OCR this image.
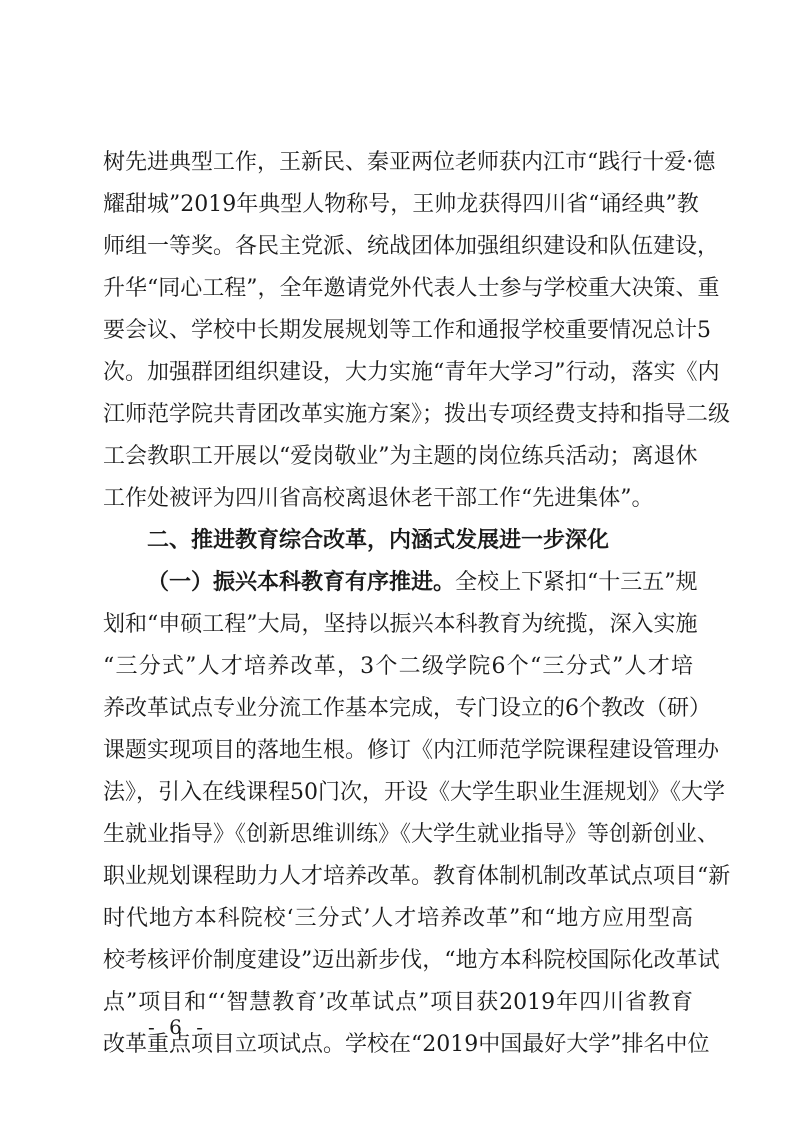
树先进典型工作，王新民、秦亚两位老师获内江市“践行十爱·德
耀甜城”2019年典型人物称号，王帅龙获得四川省“诵经典”教
师组一等奖。各民主党派、统战团体加强组织建设和队伍建设，
升华“同心工程”，全年邀请党外代表人士参与学校重大决策、重
要会议、学校中长期发展规划等工作和通报学校重要情况总计5
次。加强群团组织建设，大力实施“青年大学习”行动，落实《内
江师范学院共青团改革实施方案》；拨出专项经费支持和指导二级
工会教职工开展以“爱岗敬业”为主题的岗位练兵活动；离退休
工作处被评为四川省高校离退休老干部工作“先进集体”。
二、推进教育综合改革，内涵式发展进一步深化
（一）振兴本科教育有序推进。全校上下紧扣“十三五”规
划和“申硕工程”大局，坚持以振兴本科教育为统揽，深入实施
“三分式”人才培养改革，3个二级学院6个“三分式”人才培
养改革试点专业分流工作基本完成，专门设立的6个教改（研）
课题实现项目的落地生根。修订《内江师范学院课程建设管理办
法》，引入在线课程50门次，开设《大学生职业生涯规划》《大学
生就业指导》《创新思维训练》《大学生就业指导》等创新创业、
职业规划课程助力人才培养改革。教育体制机制改革试点项目“新
时代地方本科院校‘三分式’人才培养改革”和“地方应用型高
校考核评价制度建设”迈出新步伐，“地方本科院校国际化改革试
点”项目和“‘智慧教育’改革试点”项目获2019年四川省教育
改革重点项目立项试点。学校在“2019中国最好大学”排名中位
- 6 -
